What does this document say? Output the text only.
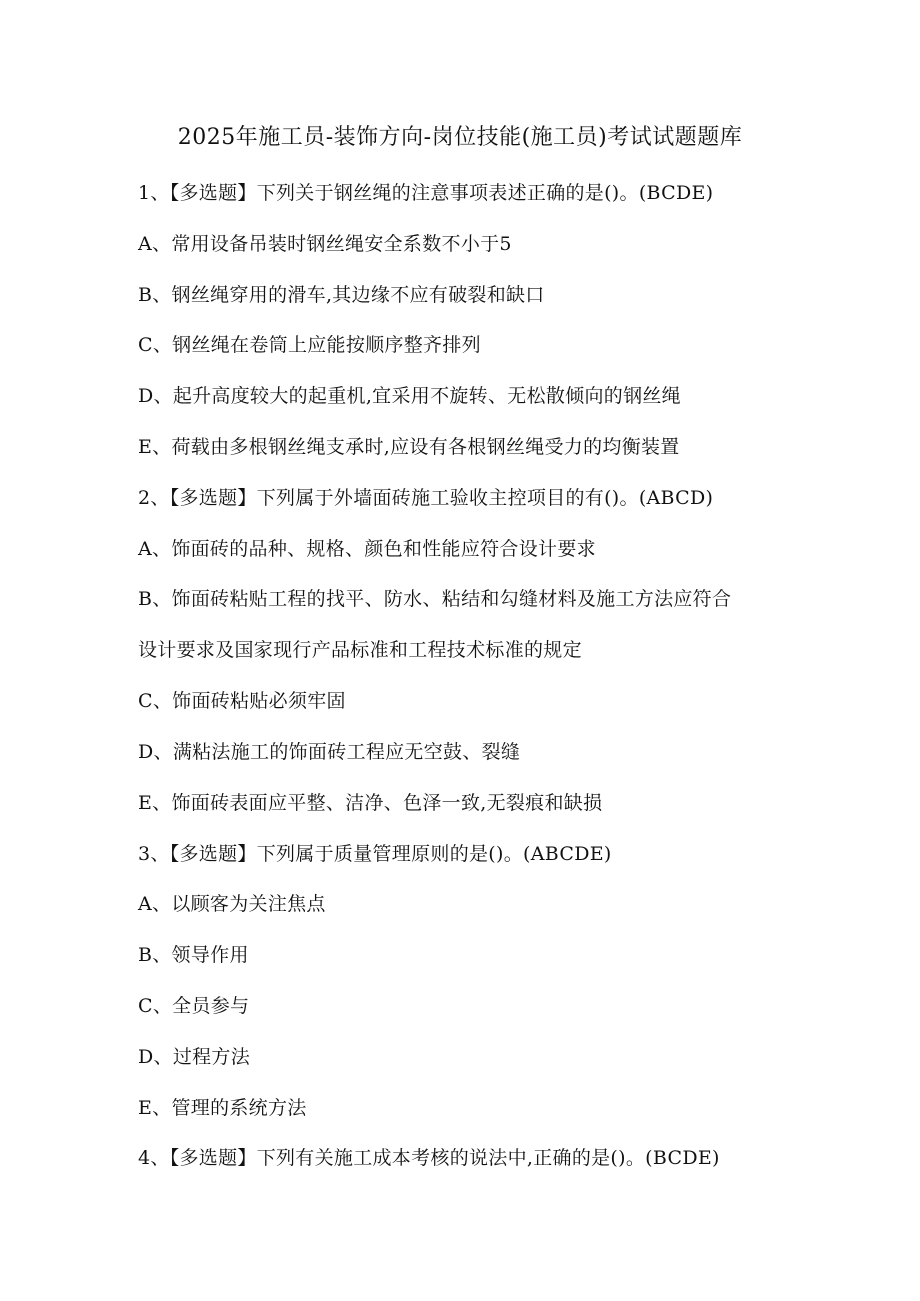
2025年施工员-装饰方向-岗位技能(施工员)考试试题题库
1、【多选题】下列关于钢丝绳的注意事项表述正确的是()。(BCDE)
A、常用设备吊装时钢丝绳安全系数不小于5
B、钢丝绳穿用的滑车,其边缘不应有破裂和缺口
C、钢丝绳在卷筒上应能按顺序整齐排列
D、起升高度较大的起重机,宜采用不旋转、无松散倾向的钢丝绳
E、荷载由多根钢丝绳支承时,应设有各根钢丝绳受力的均衡装置
2、【多选题】下列属于外墙面砖施工验收主控项目的有()。(ABCD)
A、饰面砖的品种、规格、颜色和性能应符合设计要求
B、饰面砖粘贴工程的找平、防水、粘结和勾缝材料及施工方法应符合
设计要求及国家现行产品标准和工程技术标准的规定
C、饰面砖粘贴必须牢固
D、满粘法施工的饰面砖工程应无空鼓、裂缝
E、饰面砖表面应平整、洁净、色泽一致,无裂痕和缺损
3、【多选题】下列属于质量管理原则的是()。(ABCDE)
A、以顾客为关注焦点
B、领导作用
C、全员参与
D、过程方法
E、管理的系统方法
4、【多选题】下列有关施工成本考核的说法中,正确的是()。(BCDE)
